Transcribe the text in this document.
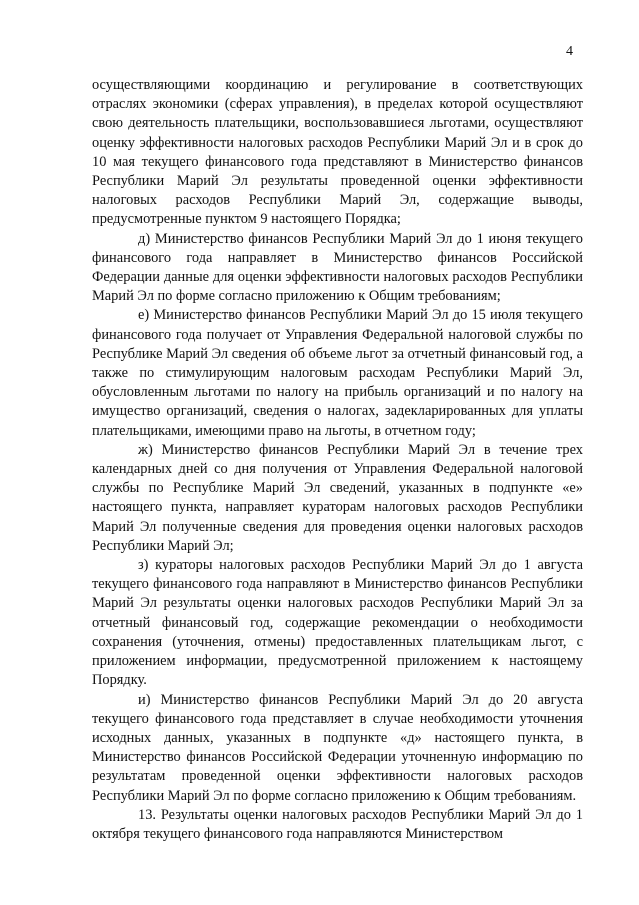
4

осуществляющими координацию и регулирование в соответствующих отраслях экономики (сферах управления), в пределах которой осуществляют свою деятельность плательщики, воспользовавшиеся льготами, осуществляют оценку эффективности налоговых расходов Республики Марий Эл и в срок до 10 мая текущего финансового года представляют в Министерство финансов Республики Марий Эл результаты проведенной оценки эффективности налоговых расходов Республики Марий Эл, содержащие выводы, предусмотренные пунктом 9 настоящего Порядка;

д) Министерство финансов Республики Марий Эл до 1 июня текущего финансового года направляет в Министерство финансов Российской Федерации данные для оценки эффективности налоговых расходов Республики Марий Эл по форме согласно приложению к Общим требованиям;

е) Министерство финансов Республики Марий Эл до 15 июля текущего финансового года получает от Управления Федеральной налоговой службы по Республике Марий Эл сведения об объеме льгот за отчетный финансовый год, а также по стимулирующим налоговым расходам Республики Марий Эл, обусловленным льготами по налогу на прибыль организаций и по налогу на имущество организаций, сведения о налогах, задекларированных для уплаты плательщиками, имеющими право на льготы, в отчетном году;

ж) Министерство финансов Республики Марий Эл в течение трех календарных дней со дня получения от Управления Федеральной налоговой службы по Республике Марий Эл сведений, указанных в подпункте «е» настоящего пункта, направляет кураторам налоговых расходов Республики Марий Эл полученные сведения для проведения оценки налоговых расходов Республики Марий Эл;

з) кураторы налоговых расходов Республики Марий Эл до 1 августа текущего финансового года направляют в Министерство финансов Республики Марий Эл результаты оценки налоговых расходов Республики Марий Эл за отчетный финансовый год, содержащие рекомендации о необходимости сохранения (уточнения, отмены) предоставленных плательщикам льгот, с приложением информации, предусмотренной приложением к настоящему Порядку.

и) Министерство финансов Республики Марий Эл до 20 августа текущего финансового года представляет в случае необходимости уточнения исходных данных, указанных в подпункте «д» настоящего пункта, в Министерство финансов Российской Федерации уточненную информацию по результатам проведенной оценки эффективности налоговых расходов Республики Марий Эл по форме согласно приложению к Общим требованиям.

13. Результаты оценки налоговых расходов Республики Марий Эл до 1 октября текущего финансового года направляются Министерством
